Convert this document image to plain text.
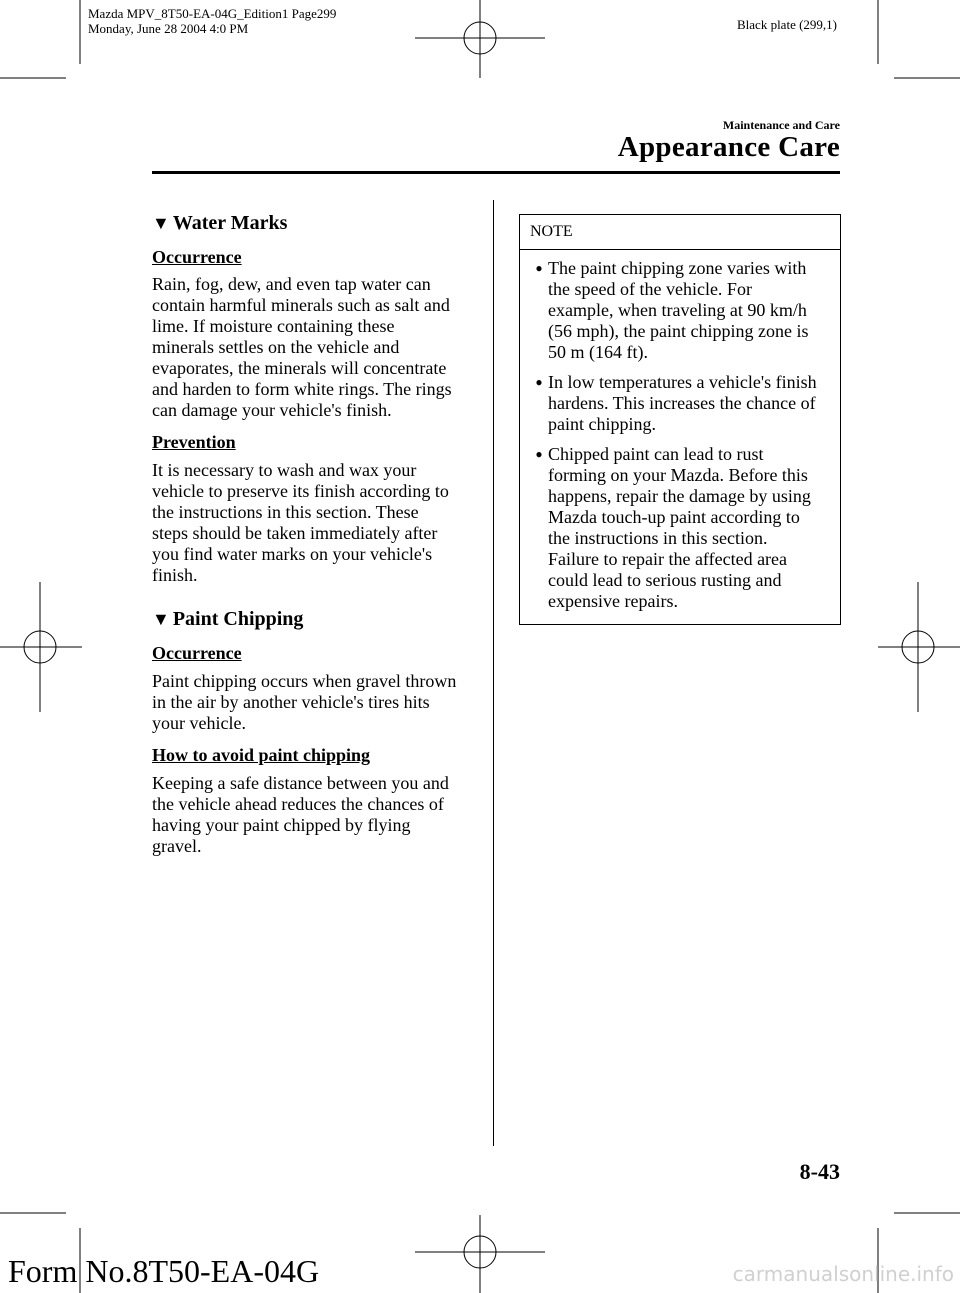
Mazda MPV_8T50-EA-04G_Edition1 Page299
Monday, June 28 2004 4:0 PM	Black plate (299,1)
Maintenance and Care
Appearance Care
▼ Water Marks
Occurrence
Rain, fog, dew, and even tap water can
contain harmful minerals such as salt and
lime. If moisture containing these
minerals settles on the vehicle and
evaporates, the minerals will concentrate
and harden to form white rings. The rings
can damage your vehicle's finish.
Prevention
It is necessary to wash and wax your
vehicle to preserve its finish according to
the instructions in this section. These
steps should be taken immediately after
you find water marks on your vehicle's
finish.
▼ Paint Chipping
Occurrence
Paint chipping occurs when gravel thrown
in the air by another vehicle's tires hits
your vehicle.
How to avoid paint chipping
Keeping a safe distance between you and
the vehicle ahead reduces the chances of
having your paint chipped by flying
gravel.
NOTE
● The paint chipping zone varies with
the speed of the vehicle. For
example, when traveling at 90 km/h
(56 mph), the paint chipping zone is
50 m (164 ft).
● In low temperatures a vehicle's finish
hardens. This increases the chance of
paint chipping.
● Chipped paint can lead to rust
forming on your Mazda. Before this
happens, repair the damage by using
Mazda touch-up paint according to
the instructions in this section.
Failure to repair the affected area
could lead to serious rusting and
expensive repairs.
8-43
Form No.8T50-EA-04G	carmanualsonline.info
